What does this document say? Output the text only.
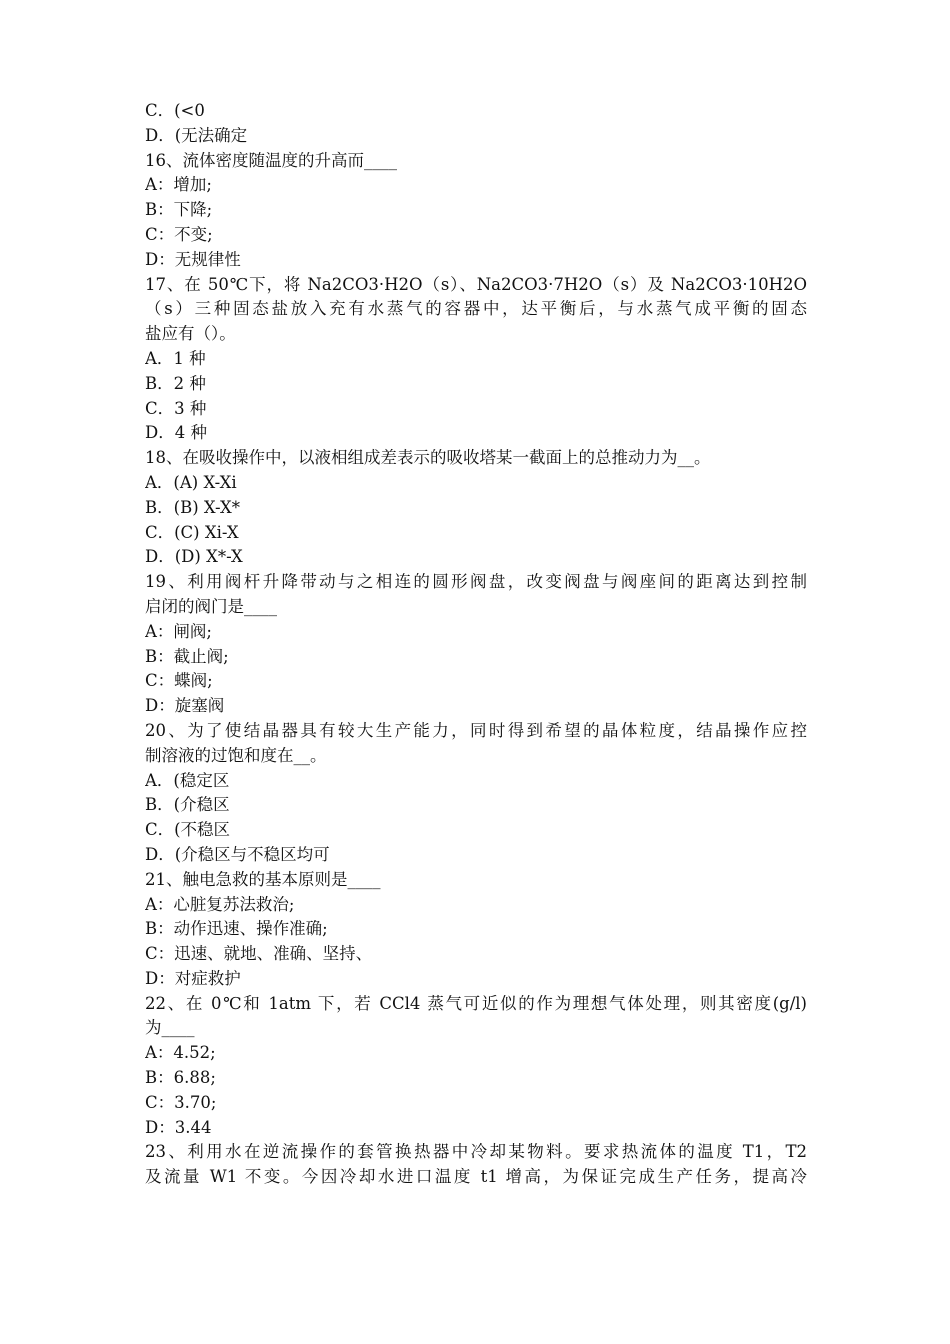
C．(<0
D．(无法确定
16、流体密度随温度的升高而____
A：增加;
B：下降;
C：不变;
D：无规律性
17、在 50℃下，将 Na2CO3·H2O（s）、Na2CO3·7H2O（s）及 Na2CO3·10H2O
（s）三种固态盐放入充有水蒸气的容器中，达平衡后，与水蒸气成平衡的固态
盐应有（）。
A．1 种
B．2 种
C．3 种
D．4 种
18、在吸收操作中，以液相组成差表示的吸收塔某一截面上的总推动力为__。
A．(A) X-Xi
B．(B) X-X*
C．(C) Xi-X
D．(D) X*-X
19、利用阀杆升降带动与之相连的圆形阀盘，改变阀盘与阀座间的距离达到控制
启闭的阀门是____
A：闸阀;
B：截止阀;
C：蝶阀;
D：旋塞阀
20、为了使结晶器具有较大生产能力，同时得到希望的晶体粒度，结晶操作应控
制溶液的过饱和度在__。
A．(稳定区
B．(介稳区
C．(不稳区
D．(介稳区与不稳区均可
21、触电急救的基本原则是____
A：心脏复苏法救治;
B：动作迅速、操作准确;
C：迅速、就地、准确、坚持、
D：对症救护
22、在 0℃和 1atm 下，若 CCl4 蒸气可近似的作为理想气体处理，则其密度(g/l)
为____
A：4.52;
B：6.88;
C：3.70;
D：3.44
23、利用水在逆流操作的套管换热器中冷却某物料。要求热流体的温度 T1，T2
及流量 W1 不变。今因冷却水进口温度 t1 增高，为保证完成生产任务，提高冷
